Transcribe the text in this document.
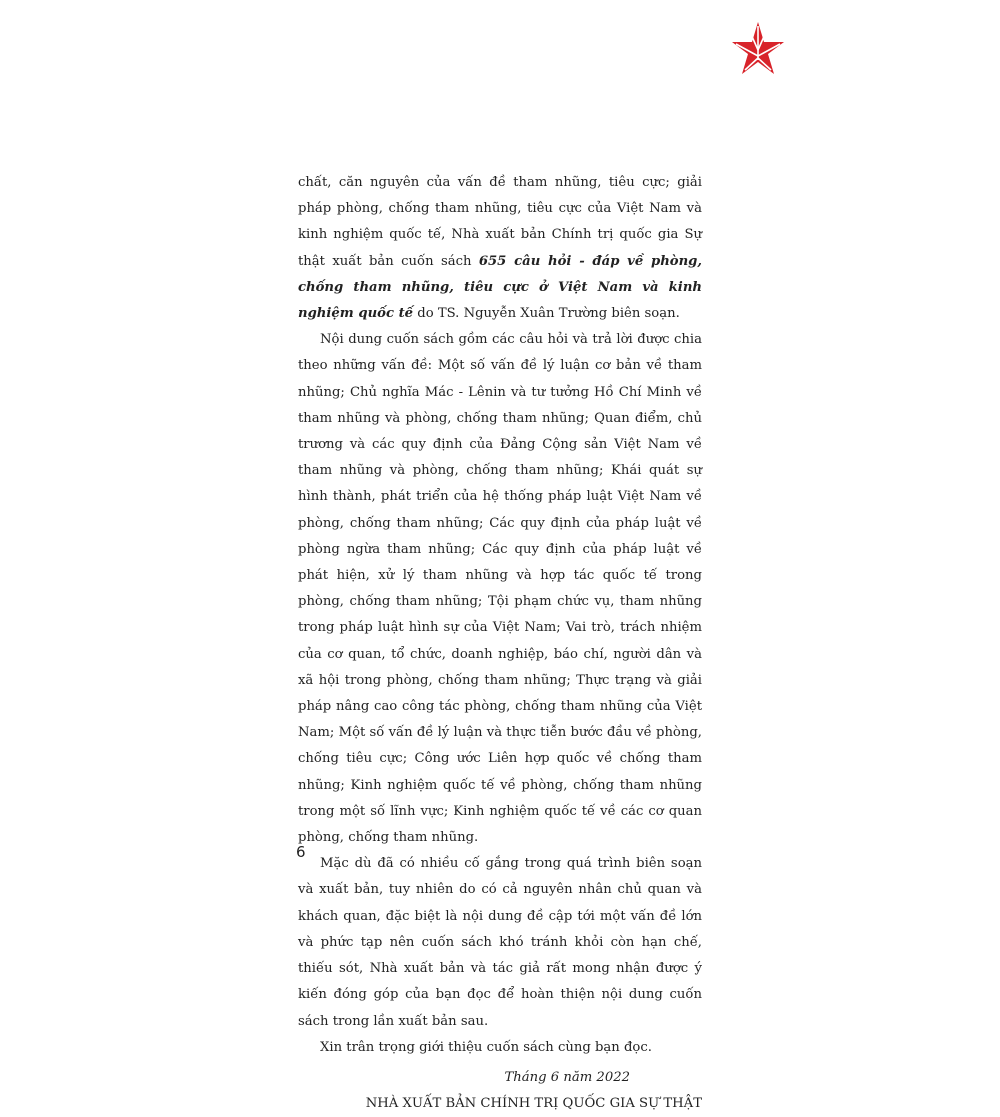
chất, căn nguyên của vấn đề tham nhũng, tiêu cực; giải pháp phòng, chống tham nhũng, tiêu cực của Việt Nam và kinh nghiệm quốc tế, Nhà xuất bản Chính trị quốc gia Sự thật xuất bản cuốn sách 655 câu hỏi - đáp về phòng, chống tham nhũng, tiêu cực ở Việt Nam và kinh nghiệm quốc tế do TS. Nguyễn Xuân Trường biên soạn.

Nội dung cuốn sách gồm các câu hỏi và trả lời được chia theo những vấn đề: Một số vấn đề lý luận cơ bản về tham nhũng; Chủ nghĩa Mác - Lênin và tư tưởng Hồ Chí Minh về tham nhũng và phòng, chống tham nhũng; Quan điểm, chủ trương và các quy định của Đảng Cộng sản Việt Nam về tham nhũng và phòng, chống tham nhũng; Khái quát sự hình thành, phát triển của hệ thống pháp luật Việt Nam về phòng, chống tham nhũng; Các quy định của pháp luật về phòng ngừa tham nhũng; Các quy định của pháp luật về phát hiện, xử lý tham nhũng và hợp tác quốc tế trong phòng, chống tham nhũng; Tội phạm chức vụ, tham nhũng trong pháp luật hình sự của Việt Nam; Vai trò, trách nhiệm của cơ quan, tổ chức, doanh nghiệp, báo chí, người dân và xã hội trong phòng, chống tham nhũng; Thực trạng và giải pháp nâng cao công tác phòng, chống tham nhũng của Việt Nam; Một số vấn đề lý luận và thực tiễn bước đầu về phòng, chống tiêu cực; Công ước Liên hợp quốc về chống tham nhũng; Kinh nghiệm quốc tế về phòng, chống tham nhũng trong một số lĩnh vực; Kinh nghiệm quốc tế về các cơ quan phòng, chống tham nhũng.

Mặc dù đã có nhiều cố gắng trong quá trình biên soạn và xuất bản, tuy nhiên do có cả nguyên nhân chủ quan và khách quan, đặc biệt là nội dung đề cập tới một vấn đề lớn và phức tạp nên cuốn sách khó tránh khỏi còn hạn chế, thiếu sót, Nhà xuất bản và tác giả rất mong nhận được ý kiến đóng góp của bạn đọc để hoàn thiện nội dung cuốn sách trong lần xuất bản sau.

Xin trân trọng giới thiệu cuốn sách cùng bạn đọc.

Tháng 6 năm 2022
NHÀ XUẤT BẢN CHÍNH TRỊ QUỐC GIA SỰ THẬT
6
